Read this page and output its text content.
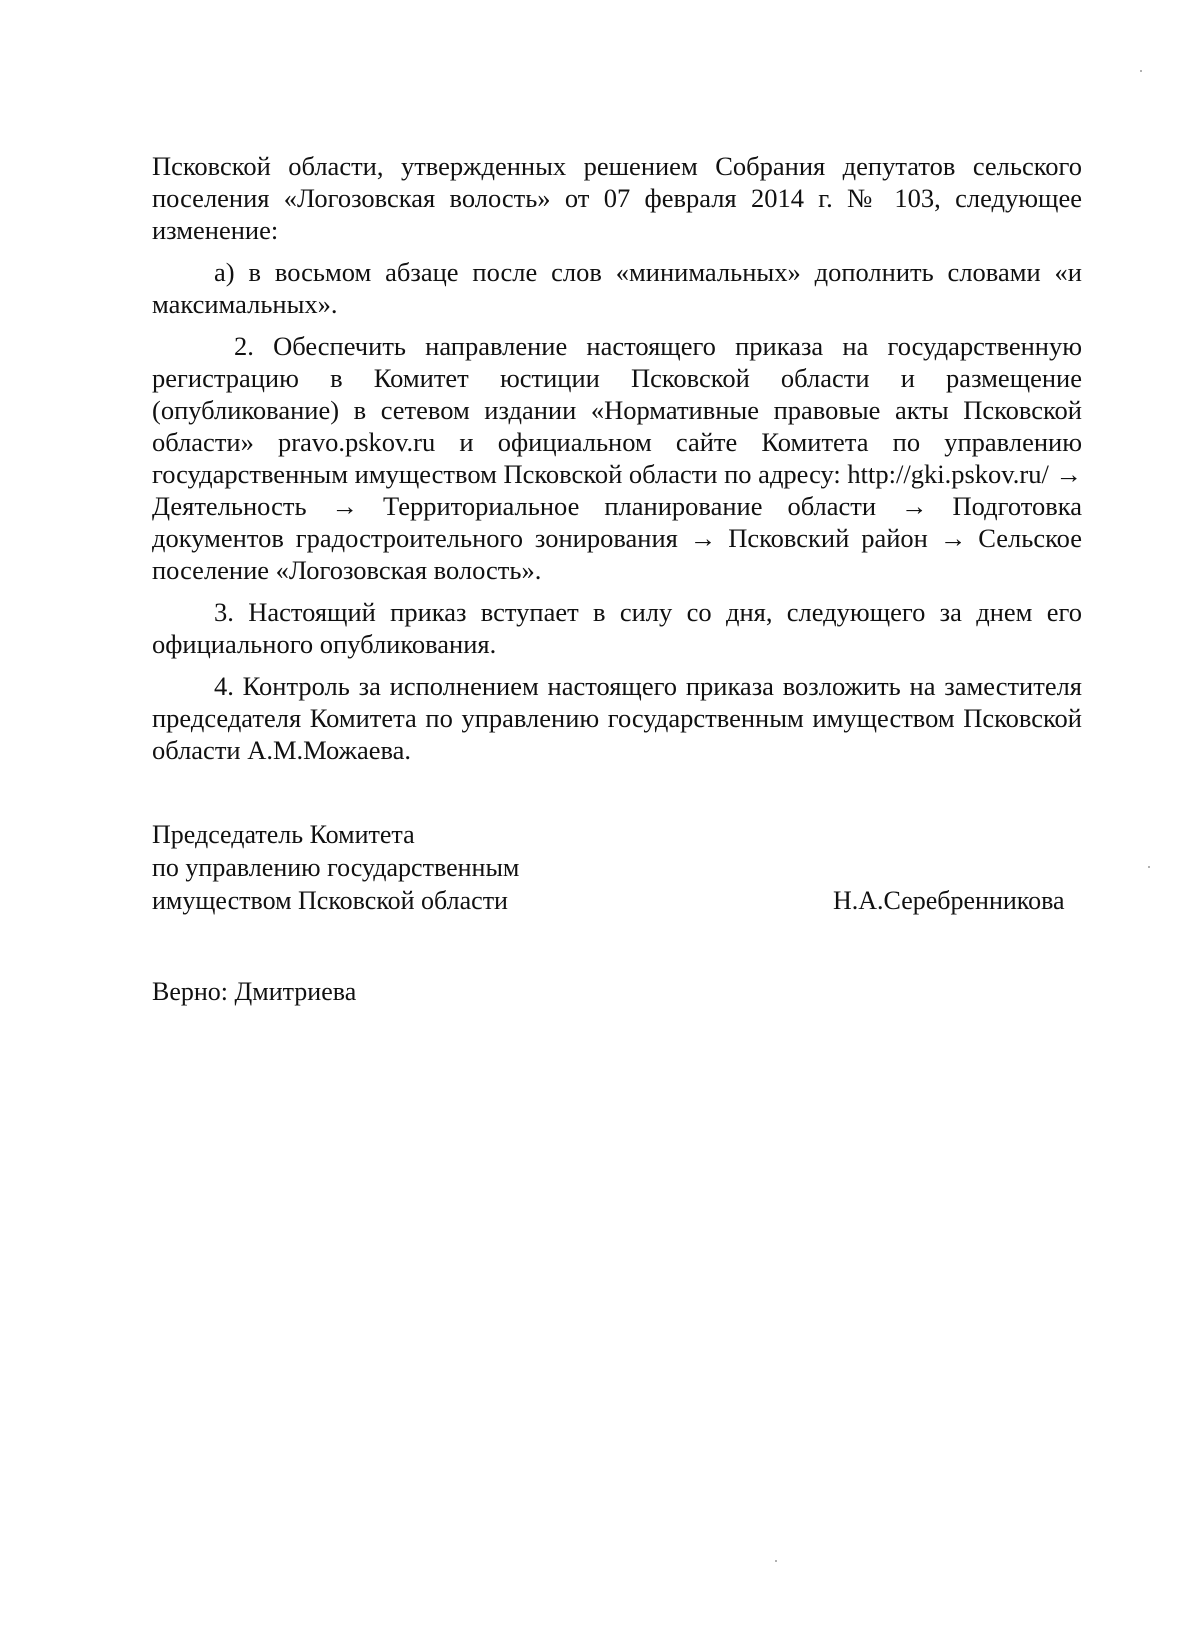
Псковской области, утвержденных решением Собрания депутатов сельского поселения «Логозовская волость» от 07 февраля 2014 г. № 103, следующее изменение:

а) в восьмом абзаце после слов «минимальных» дополнить словами «и максимальных».

2. Обеспечить направление настоящего приказа на государственную регистрацию в Комитет юстиции Псковской области и размещение (опубликование) в сетевом издании «Нормативные правовые акты Псковской области» pravo.pskov.ru и официальном сайте Комитета по управлению государственным имуществом Псковской области по адресу: http://gki.pskov.ru/ → Деятельность → Территориальное планирование области → Подготовка документов градостроительного зонирования → Псковский район → Сельское поселение «Логозовская волость».

3. Настоящий приказ вступает в силу со дня, следующего за днем его официального опубликования.

4. Контроль за исполнением настоящего приказа возложить на заместителя председателя Комитета по управлению государственным имуществом Псковской области А.М.Можаева.

Председатель Комитета
по управлению государственным
имуществом Псковской области	Н.А.Серебренникова
Верно: Дмитриева
